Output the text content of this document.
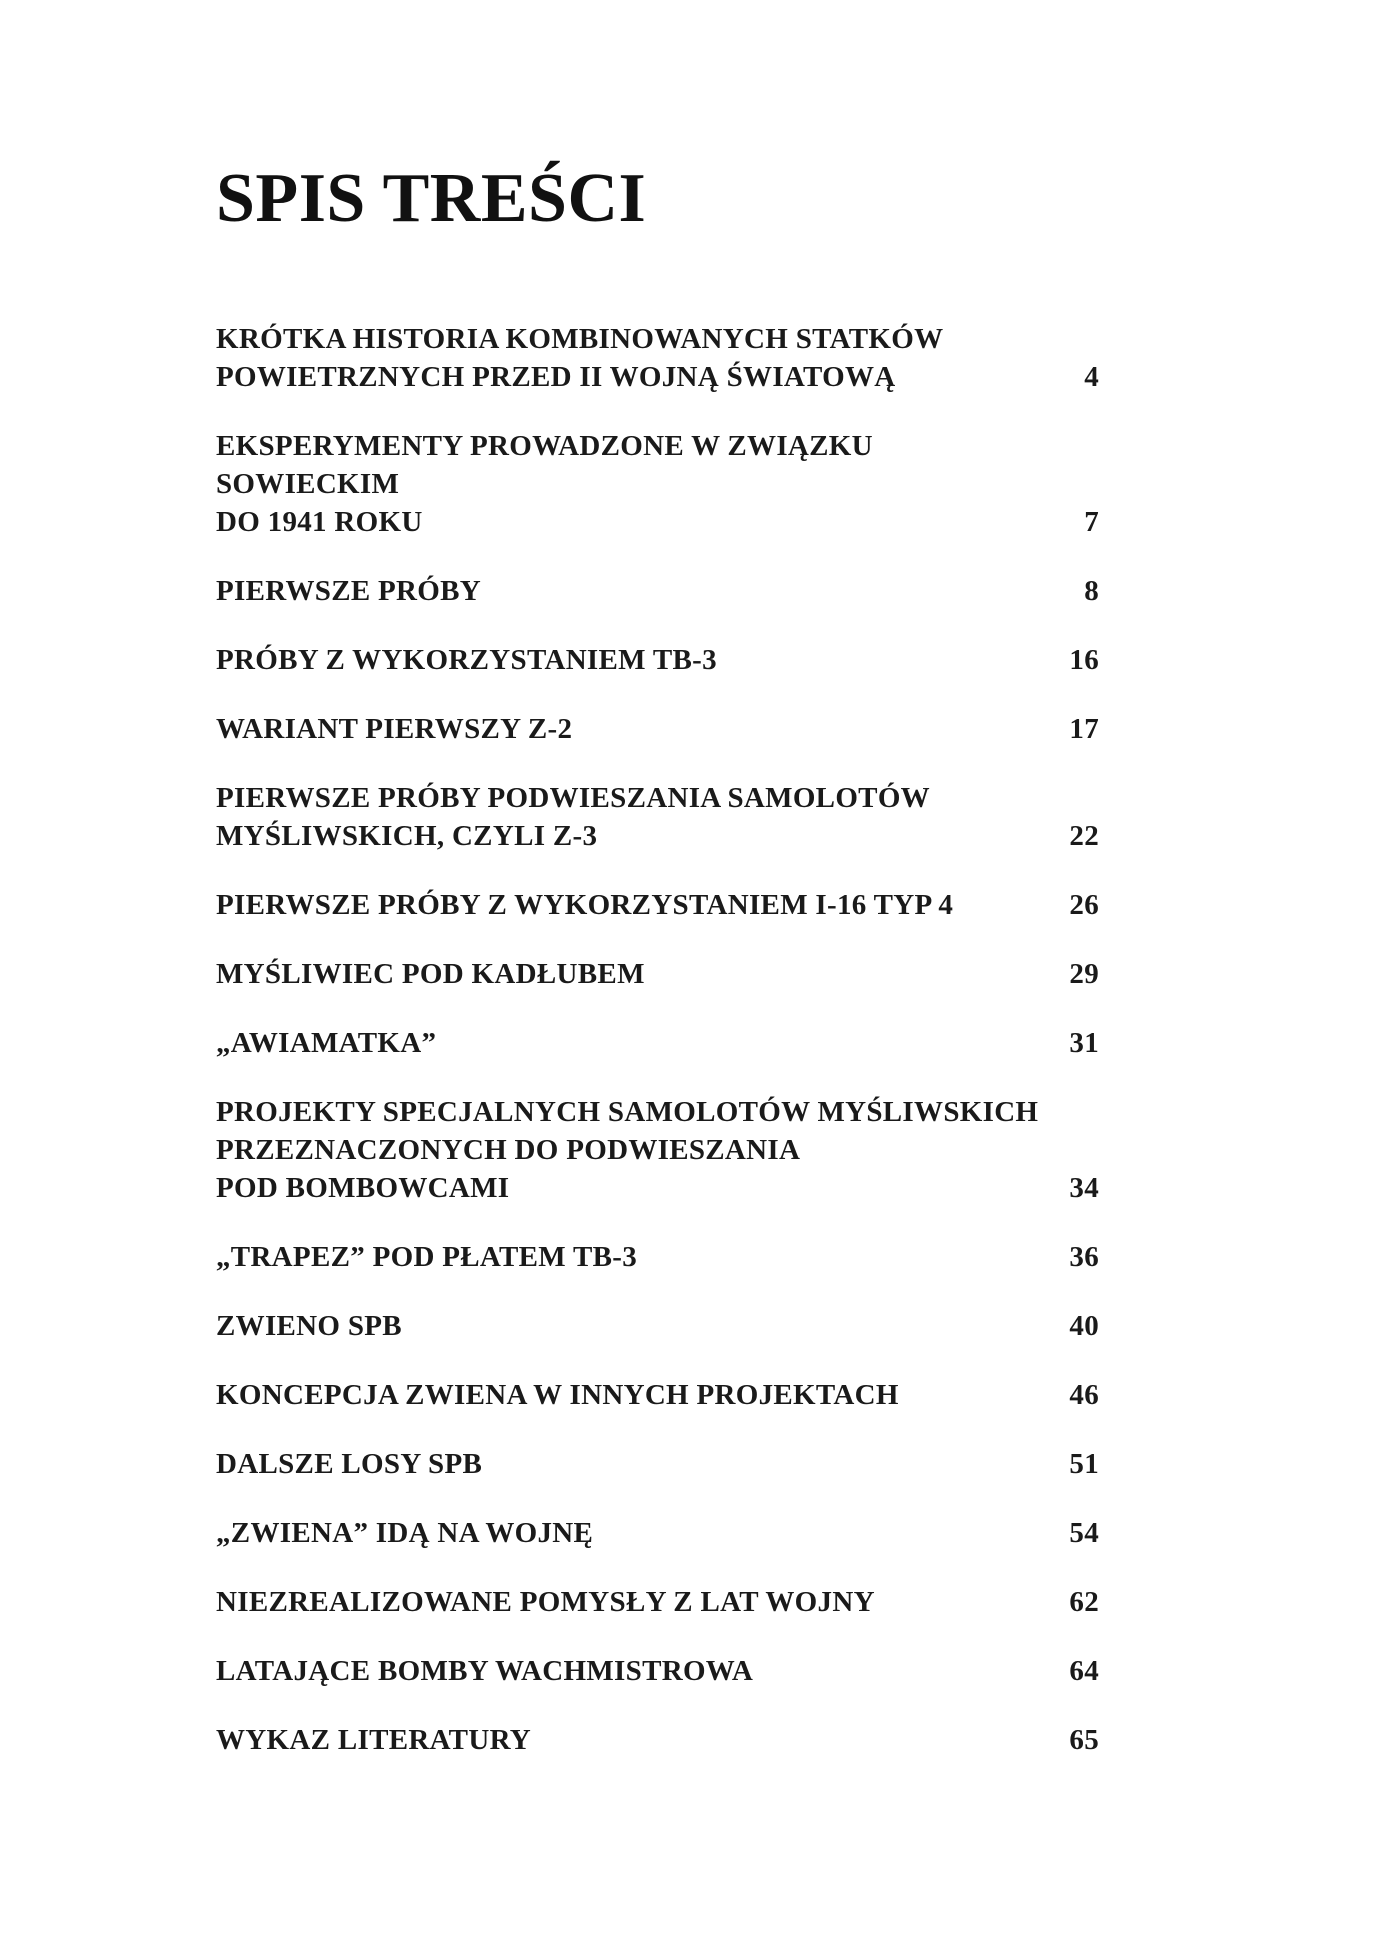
SPIS TREŚCI
KRÓTKA HISTORIA KOMBINOWANYCH STATKÓW
POWIETRZNYCH PRZED II WOJNĄ ŚWIATOWĄ	4
EKSPERYMENTY PROWADZONE W ZWIĄZKU
SOWIECKIM
DO 1941 ROKU	7
PIERWSZE PRÓBY	8
PRÓBY Z WYKORZYSTANIEM TB-3	16
WARIANT PIERWSZY Z-2	17
PIERWSZE PRÓBY PODWIESZANIA SAMOLOTÓW
MYŚLIWSKICH, CZYLI Z-3	22
PIERWSZE PRÓBY Z WYKORZYSTANIEM I-16 TYP 4	26
MYŚLIWIEC POD KADŁUBEM	29
„AWIAMATKA”	31
PROJEKTY SPECJALNYCH SAMOLOTÓW MYŚLIWSKICH
PRZEZNACZONYCH DO PODWIESZANIA
POD BOMBOWCAMI	34
„TRAPEZ” POD PŁATEM TB-3	36
ZWIENO SPB	40
KONCEPCJA ZWIENA W INNYCH PROJEKTACH	46
DALSZE LOSY SPB	51
„ZWIENA” IDĄ NA WOJNĘ	54
NIEZREALIZOWANE POMYSŁY Z LAT WOJNY	62
LATAJĄCE BOMBY WACHMISTROWA	64
WYKAZ LITERATURY	65
